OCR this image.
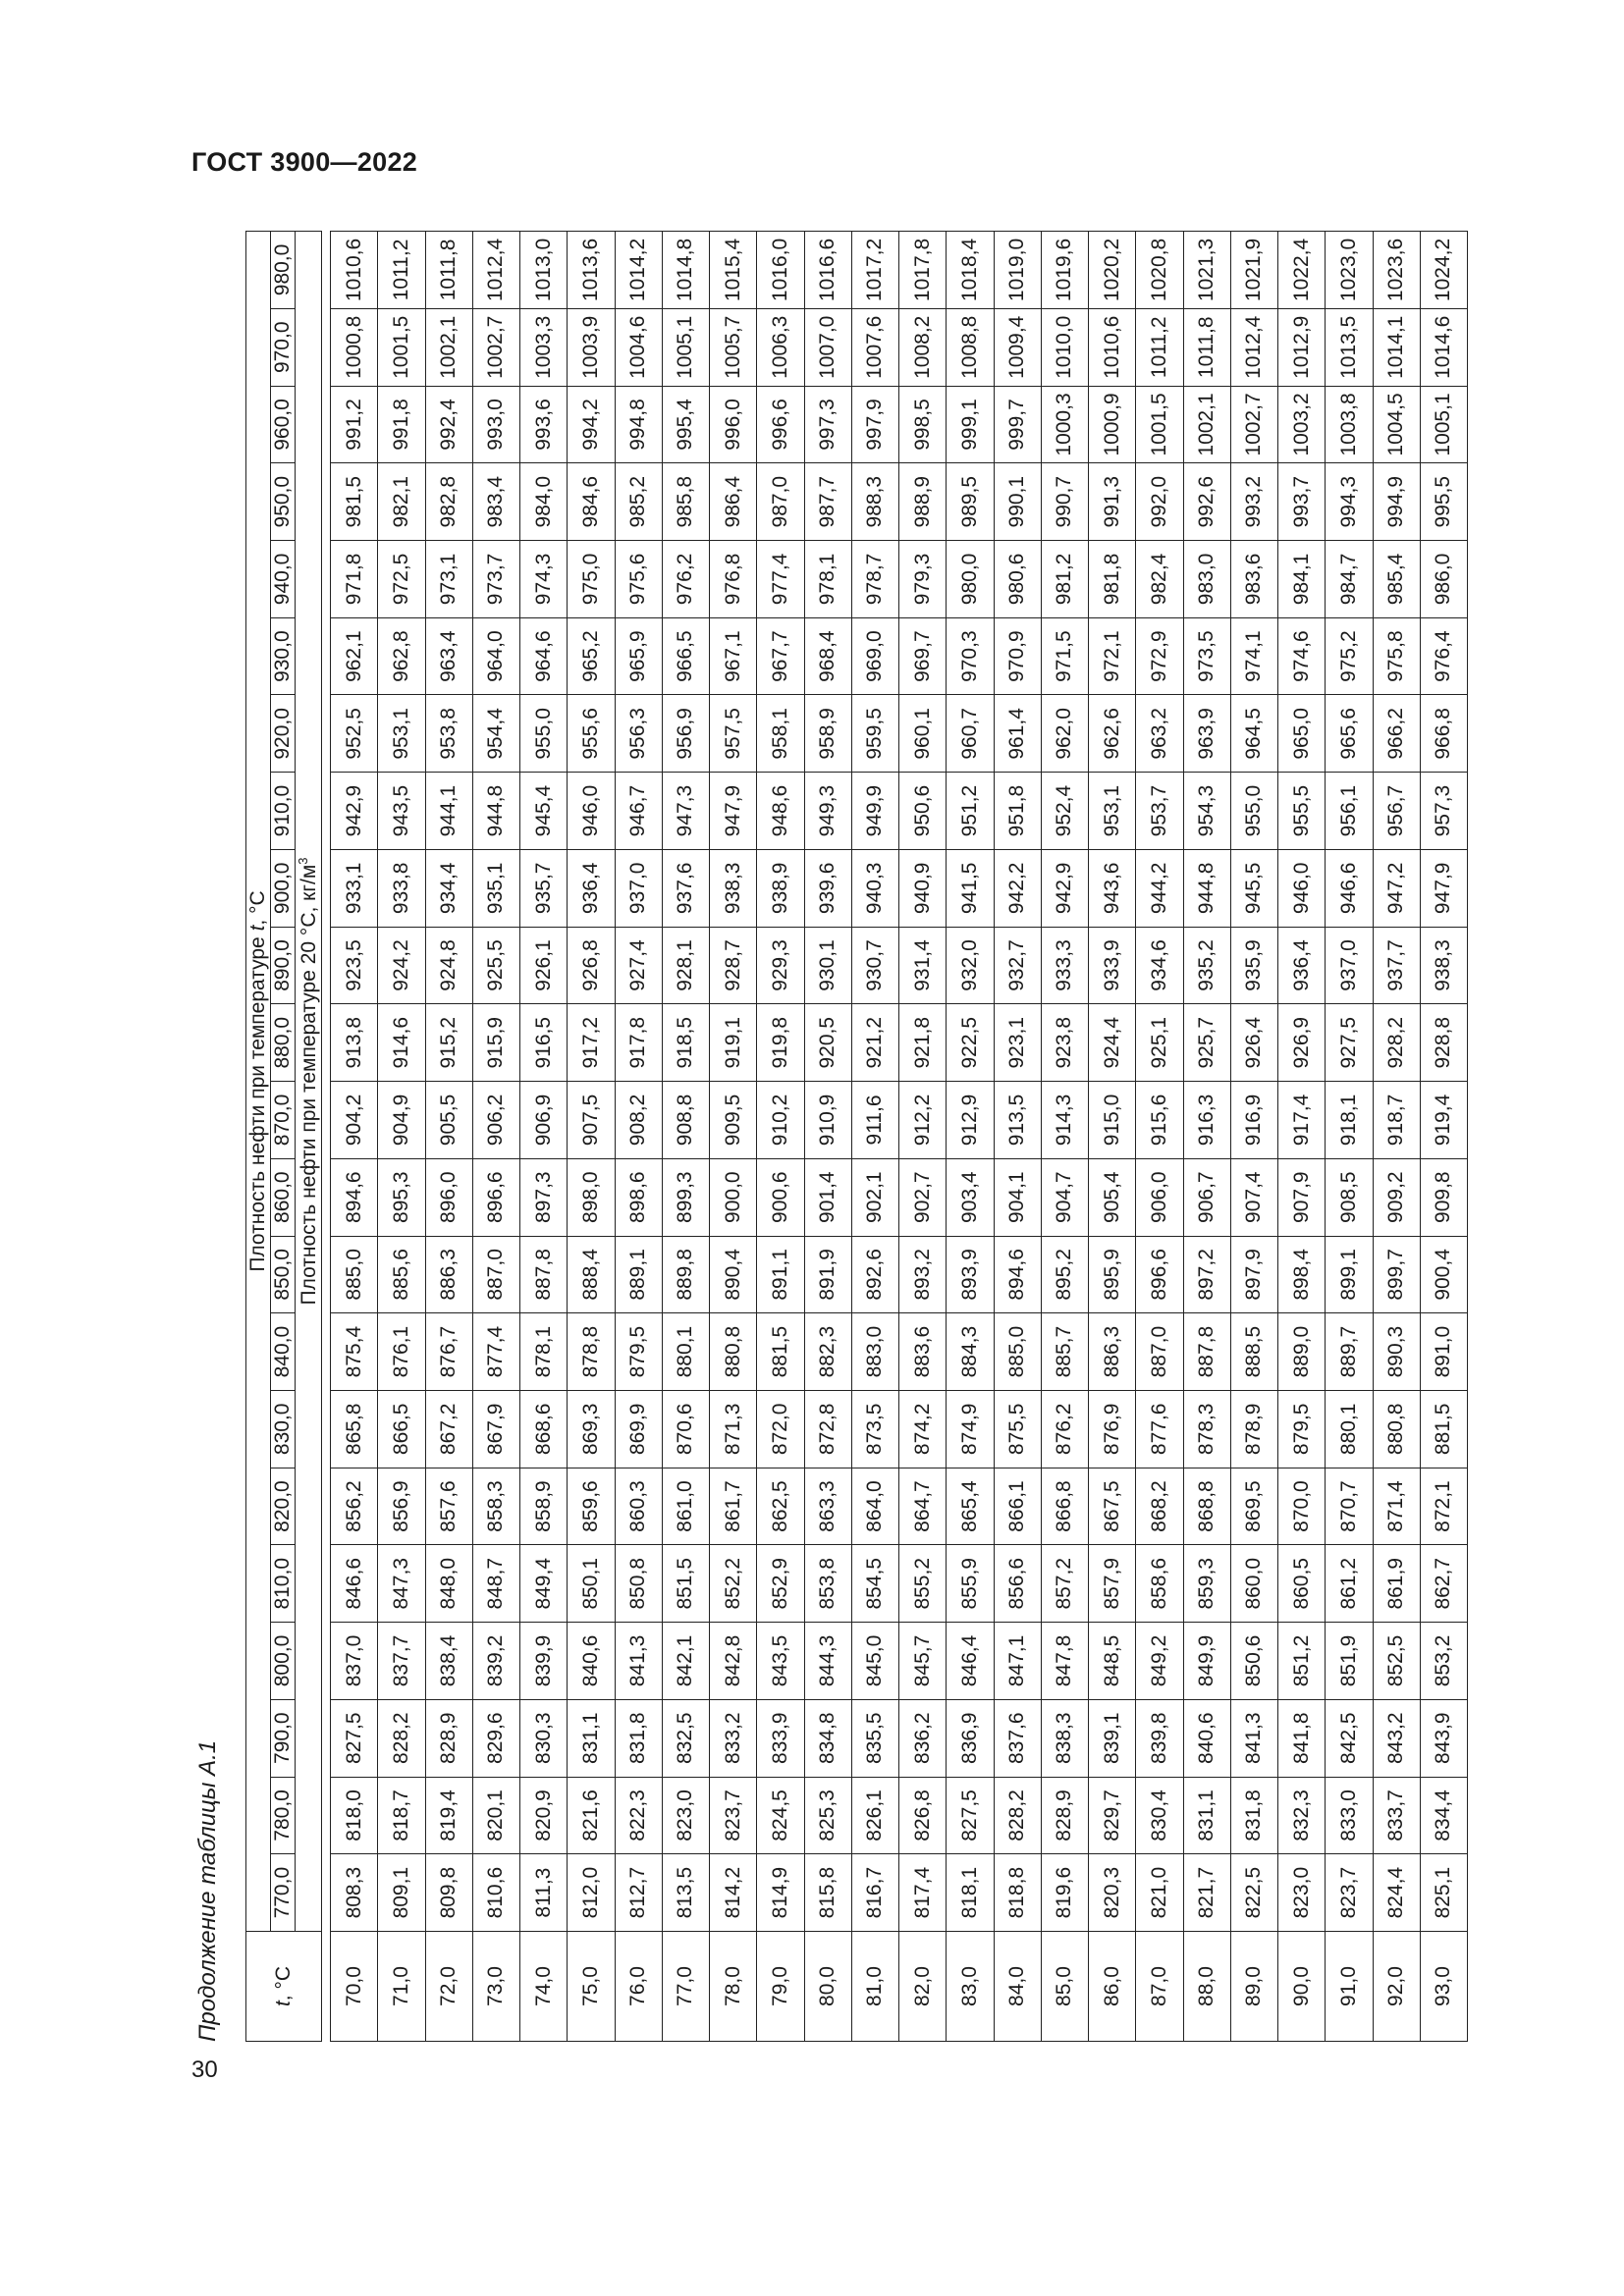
ГОСТ 3900—2022
Продолжение таблицы А.1
30
t, °С	Плотность нефти при температуре t, °С																					
	770,0	780,0	790,0	800,0	810,0	820,0	830,0	840,0	850,0	860,0	870,0	880,0	890,0	900,0	910,0	920,0	930,0	940,0	950,0	960,0	970,0	980,0
	Плотность нефти при температуре 20 °С, $кг/м^3$

70,0	808,3	818,0	827,5	837,0	846,6	856,2	865,8	875,4	885,0	894,6	904,2	913,8	923,5	933,1	942,9	952,5	962,1	971,8	981,5	991,2	1000,8	1010,6
71,0	809,1	818,7	828,2	837,7	847,3	856,9	866,5	876,1	885,6	895,3	904,9	914,6	924,2	933,8	943,5	953,1	962,8	972,5	982,1	991,8	1001,5	1011,2
72,0	809,8	819,4	828,9	838,4	848,0	857,6	867,2	876,7	886,3	896,0	905,5	915,2	924,8	934,4	944,1	953,8	963,4	973,1	982,8	992,4	1002,1	1011,8
73,0	810,6	820,1	829,6	839,2	848,7	858,3	867,9	877,4	887,0	896,6	906,2	915,9	925,5	935,1	944,8	954,4	964,0	973,7	983,4	993,0	1002,7	1012,4
74,0	811,3	820,9	830,3	839,9	849,4	858,9	868,6	878,1	887,8	897,3	906,9	916,5	926,1	935,7	945,4	955,0	964,6	974,3	984,0	993,6	1003,3	1013,0
75,0	812,0	821,6	831,1	840,6	850,1	859,6	869,3	878,8	888,4	898,0	907,5	917,2	926,8	936,4	946,0	955,6	965,2	975,0	984,6	994,2	1003,9	1013,6
76,0	812,7	822,3	831,8	841,3	850,8	860,3	869,9	879,5	889,1	898,6	908,2	917,8	927,4	937,0	946,7	956,3	965,9	975,6	985,2	994,8	1004,6	1014,2
77,0	813,5	823,0	832,5	842,1	851,5	861,0	870,6	880,1	889,8	899,3	908,8	918,5	928,1	937,6	947,3	956,9	966,5	976,2	985,8	995,4	1005,1	1014,8
78,0	814,2	823,7	833,2	842,8	852,2	861,7	871,3	880,8	890,4	900,0	909,5	919,1	928,7	938,3	947,9	957,5	967,1	976,8	986,4	996,0	1005,7	1015,4
79,0	814,9	824,5	833,9	843,5	852,9	862,5	872,0	881,5	891,1	900,6	910,2	919,8	929,3	938,9	948,6	958,1	967,7	977,4	987,0	996,6	1006,3	1016,0
80,0	815,8	825,3	834,8	844,3	853,8	863,3	872,8	882,3	891,9	901,4	910,9	920,5	930,1	939,6	949,3	958,9	968,4	978,1	987,7	997,3	1007,0	1016,6
81,0	816,7	826,1	835,5	845,0	854,5	864,0	873,5	883,0	892,6	902,1	911,6	921,2	930,7	940,3	949,9	959,5	969,0	978,7	988,3	997,9	1007,6	1017,2
82,0	817,4	826,8	836,2	845,7	855,2	864,7	874,2	883,6	893,2	902,7	912,2	921,8	931,4	940,9	950,6	960,1	969,7	979,3	988,9	998,5	1008,2	1017,8
83,0	818,1	827,5	836,9	846,4	855,9	865,4	874,9	884,3	893,9	903,4	912,9	922,5	932,0	941,5	951,2	960,7	970,3	980,0	989,5	999,1	1008,8	1018,4
84,0	818,8	828,2	837,6	847,1	856,6	866,1	875,5	885,0	894,6	904,1	913,5	923,1	932,7	942,2	951,8	961,4	970,9	980,6	990,1	999,7	1009,4	1019,0
85,0	819,6	828,9	838,3	847,8	857,2	866,8	876,2	885,7	895,2	904,7	914,3	923,8	933,3	942,9	952,4	962,0	971,5	981,2	990,7	1000,3	1010,0	1019,6
86,0	820,3	829,7	839,1	848,5	857,9	867,5	876,9	886,3	895,9	905,4	915,0	924,4	933,9	943,6	953,1	962,6	972,1	981,8	991,3	1000,9	1010,6	1020,2
87,0	821,0	830,4	839,8	849,2	858,6	868,2	877,6	887,0	896,6	906,0	915,6	925,1	934,6	944,2	953,7	963,2	972,9	982,4	992,0	1001,5	1011,2	1020,8
88,0	821,7	831,1	840,6	849,9	859,3	868,8	878,3	887,8	897,2	906,7	916,3	925,7	935,2	944,8	954,3	963,9	973,5	983,0	992,6	1002,1	1011,8	1021,3
89,0	822,5	831,8	841,3	850,6	860,0	869,5	878,9	888,5	897,9	907,4	916,9	926,4	935,9	945,5	955,0	964,5	974,1	983,6	993,2	1002,7	1012,4	1021,9
90,0	823,0	832,3	841,8	851,2	860,5	870,0	879,5	889,0	898,4	907,9	917,4	926,9	936,4	946,0	955,5	965,0	974,6	984,1	993,7	1003,2	1012,9	1022,4
91,0	823,7	833,0	842,5	851,9	861,2	870,7	880,1	889,7	899,1	908,5	918,1	927,5	937,0	946,6	956,1	965,6	975,2	984,7	994,3	1003,8	1013,5	1023,0
92,0	824,4	833,7	843,2	852,5	861,9	871,4	880,8	890,3	899,7	909,2	918,7	928,2	937,7	947,2	956,7	966,2	975,8	985,4	994,9	1004,5	1014,1	1023,6
93,0	825,1	834,4	843,9	853,2	862,7	872,1	881,5	891,0	900,4	909,8	919,4	928,8	938,3	947,9	957,3	966,8	976,4	986,0	995,5	1005,1	1014,6	1024,2
